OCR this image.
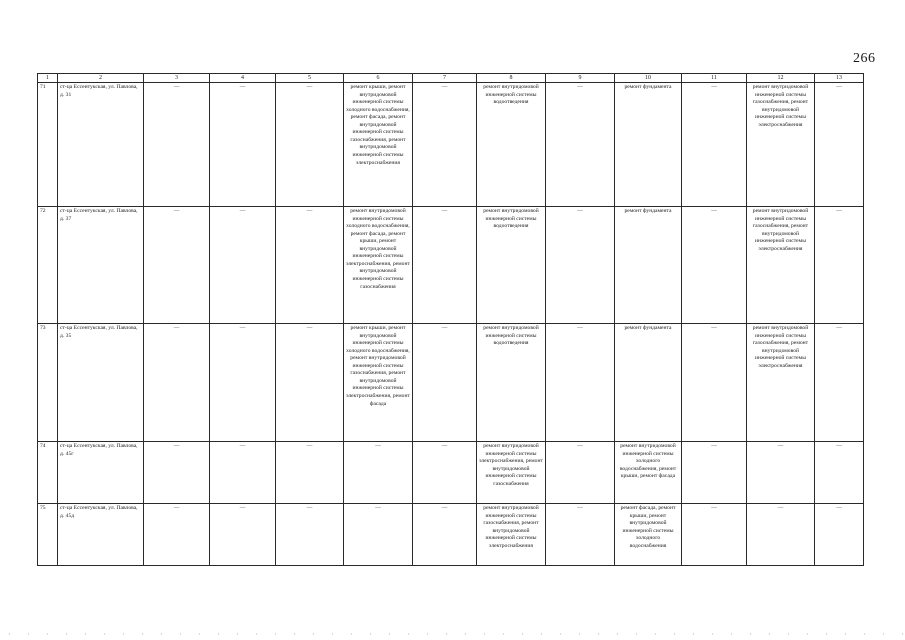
266
1	2	3	4	5	6	7	8	9	10	11	12	13
71	ст-ца Ессентукская, ул. Павлова, д. 31	—	—	—	ремонт крыши, ремонт внутридомовой инженерной системы холодного водоснабжения, ремонт фасада, ремонт внутридомовой инженерной системы газоснабжения, ремонт внутридомовой инженерной системы электроснабжения	—	ремонт внутридомовой инженерной системы водоотведения	—	ремонт фундамента	—	ремонт внутридомовой инженерной системы газоснабжения, ремонт внутридомовой инженерной системы электроснабжения	—
72	ст-ца Ессентукская, ул. Павлова, д. 37	—	—	—	ремонт внутридомовой инженерной системы холодного водоснабжения, ремонт фасада, ремонт крыши, ремонт внутридомовой инженерной системы электроснабжения, ремонт внутридомовой инженерной системы газоснабжения	—	ремонт внутридомовой инженерной системы водоотведения	—	ремонт фундамента	—	ремонт внутридомовой инженерной системы газоснабжения, ремонт внутридомовой инженерной системы электроснабжения	—
73	ст-ца Ессентукская, ул. Павлова, д. 35	—	—	—	ремонт крыши, ремонт внутридомовой инженерной системы холодного водоснабжения, ремонт внутридомовой инженерной системы газоснабжения, ремонт внутридомовой инженерной системы электроснабжения, ремонт фасада	—	ремонт внутридомовой инженерной системы водоотведения	—	ремонт фундамента	—	ремонт внутридомовой инженерной системы газоснабжения, ремонт внутридомовой инженерной системы электроснабжения	—
74	ст-ца Ессентукская, ул. Павлова, д. 45г	—	—	—	—	—	ремонт внутридомовой инженерной системы электроснабжения, ремонт внутридомовой инженерной системы газоснабжения	—	ремонт внутридомовой инженерной системы холодного водоснабжения, ремонт крыши, ремонт фасада	—	—	—
75	ст-ца Ессентукская, ул. Павлова, д. 45д	—	—	—	—	—	ремонт внутридомовой инженерной системы газоснабжения, ремонт внутридомовой инженерной системы электроснабжения	—	ремонт фасада, ремонт крыши, ремонт внутридомовой инженерной системы холодного водоснабжения	—	—	—
